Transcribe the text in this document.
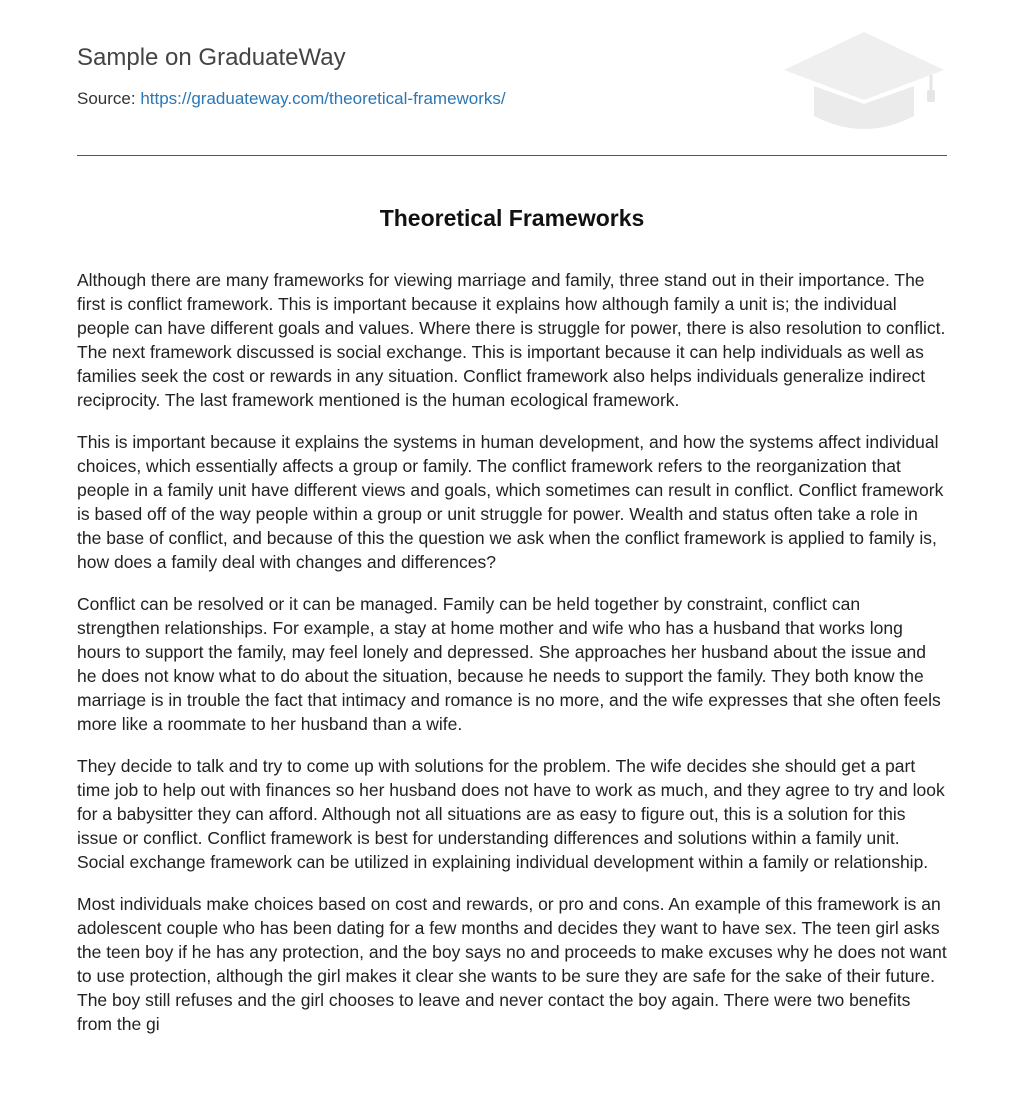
Sample on GraduateWay
Source: https://graduateway.com/theoretical-frameworks/
Theoretical Frameworks

Although there are many frameworks for viewing marriage and family, three stand out in their importance. The first is conflict framework. This is important because it explains how although family a unit is; the individual people can have different goals and values. Where there is struggle for power, there is also resolution to conflict. The next framework discussed is social exchange. This is important because it can help individuals as well as families seek the cost or rewards in any situation. Conflict framework also helps individuals generalize indirect reciprocity. The last framework mentioned is the human ecological framework.

This is important because it explains the systems in human development, and how the systems affect individual choices, which essentially affects a group or family. The conflict framework refers to the reorganization that people in a family unit have different views and goals, which sometimes can result in conflict. Conflict framework is based off of the way people within a group or unit struggle for power. Wealth and status often take a role in the base of conflict, and because of this the question we ask when the conflict framework is applied to family is, how does a family deal with changes and differences?

Conflict can be resolved or it can be managed. Family can be held together by constraint, conflict can strengthen relationships. For example, a stay at home mother and wife who has a husband that works long hours to support the family, may feel lonely and depressed. She approaches her husband about the issue and he does not know what to do about the situation, because he needs to support the family. They both know the marriage is in trouble the fact that intimacy and romance is no more, and the wife expresses that she often feels more like a roommate to her husband than a wife.

They decide to talk and try to come up with solutions for the problem. The wife decides she should get a part time job to help out with finances so her husband does not have to work as much, and they agree to try and look for a babysitter they can afford. Although not all situations are as easy to figure out, this is a solution for this issue or conflict. Conflict framework is best for understanding differences and solutions within a family unit. Social exchange framework can be utilized in explaining individual development within a family or relationship.

Most individuals make choices based on cost and rewards, or pro and cons. An example of this framework is an adolescent couple who has been dating for a few months and decides they want to have sex. The teen girl asks the teen boy if he has any protection, and the boy says no and proceeds to make excuses why he does not want to use protection, although the girl makes it clear she wants to be sure they are safe for the sake of their future. The boy still refuses and the girl chooses to leave and never contact the boy again. There were two benefits from the gi
